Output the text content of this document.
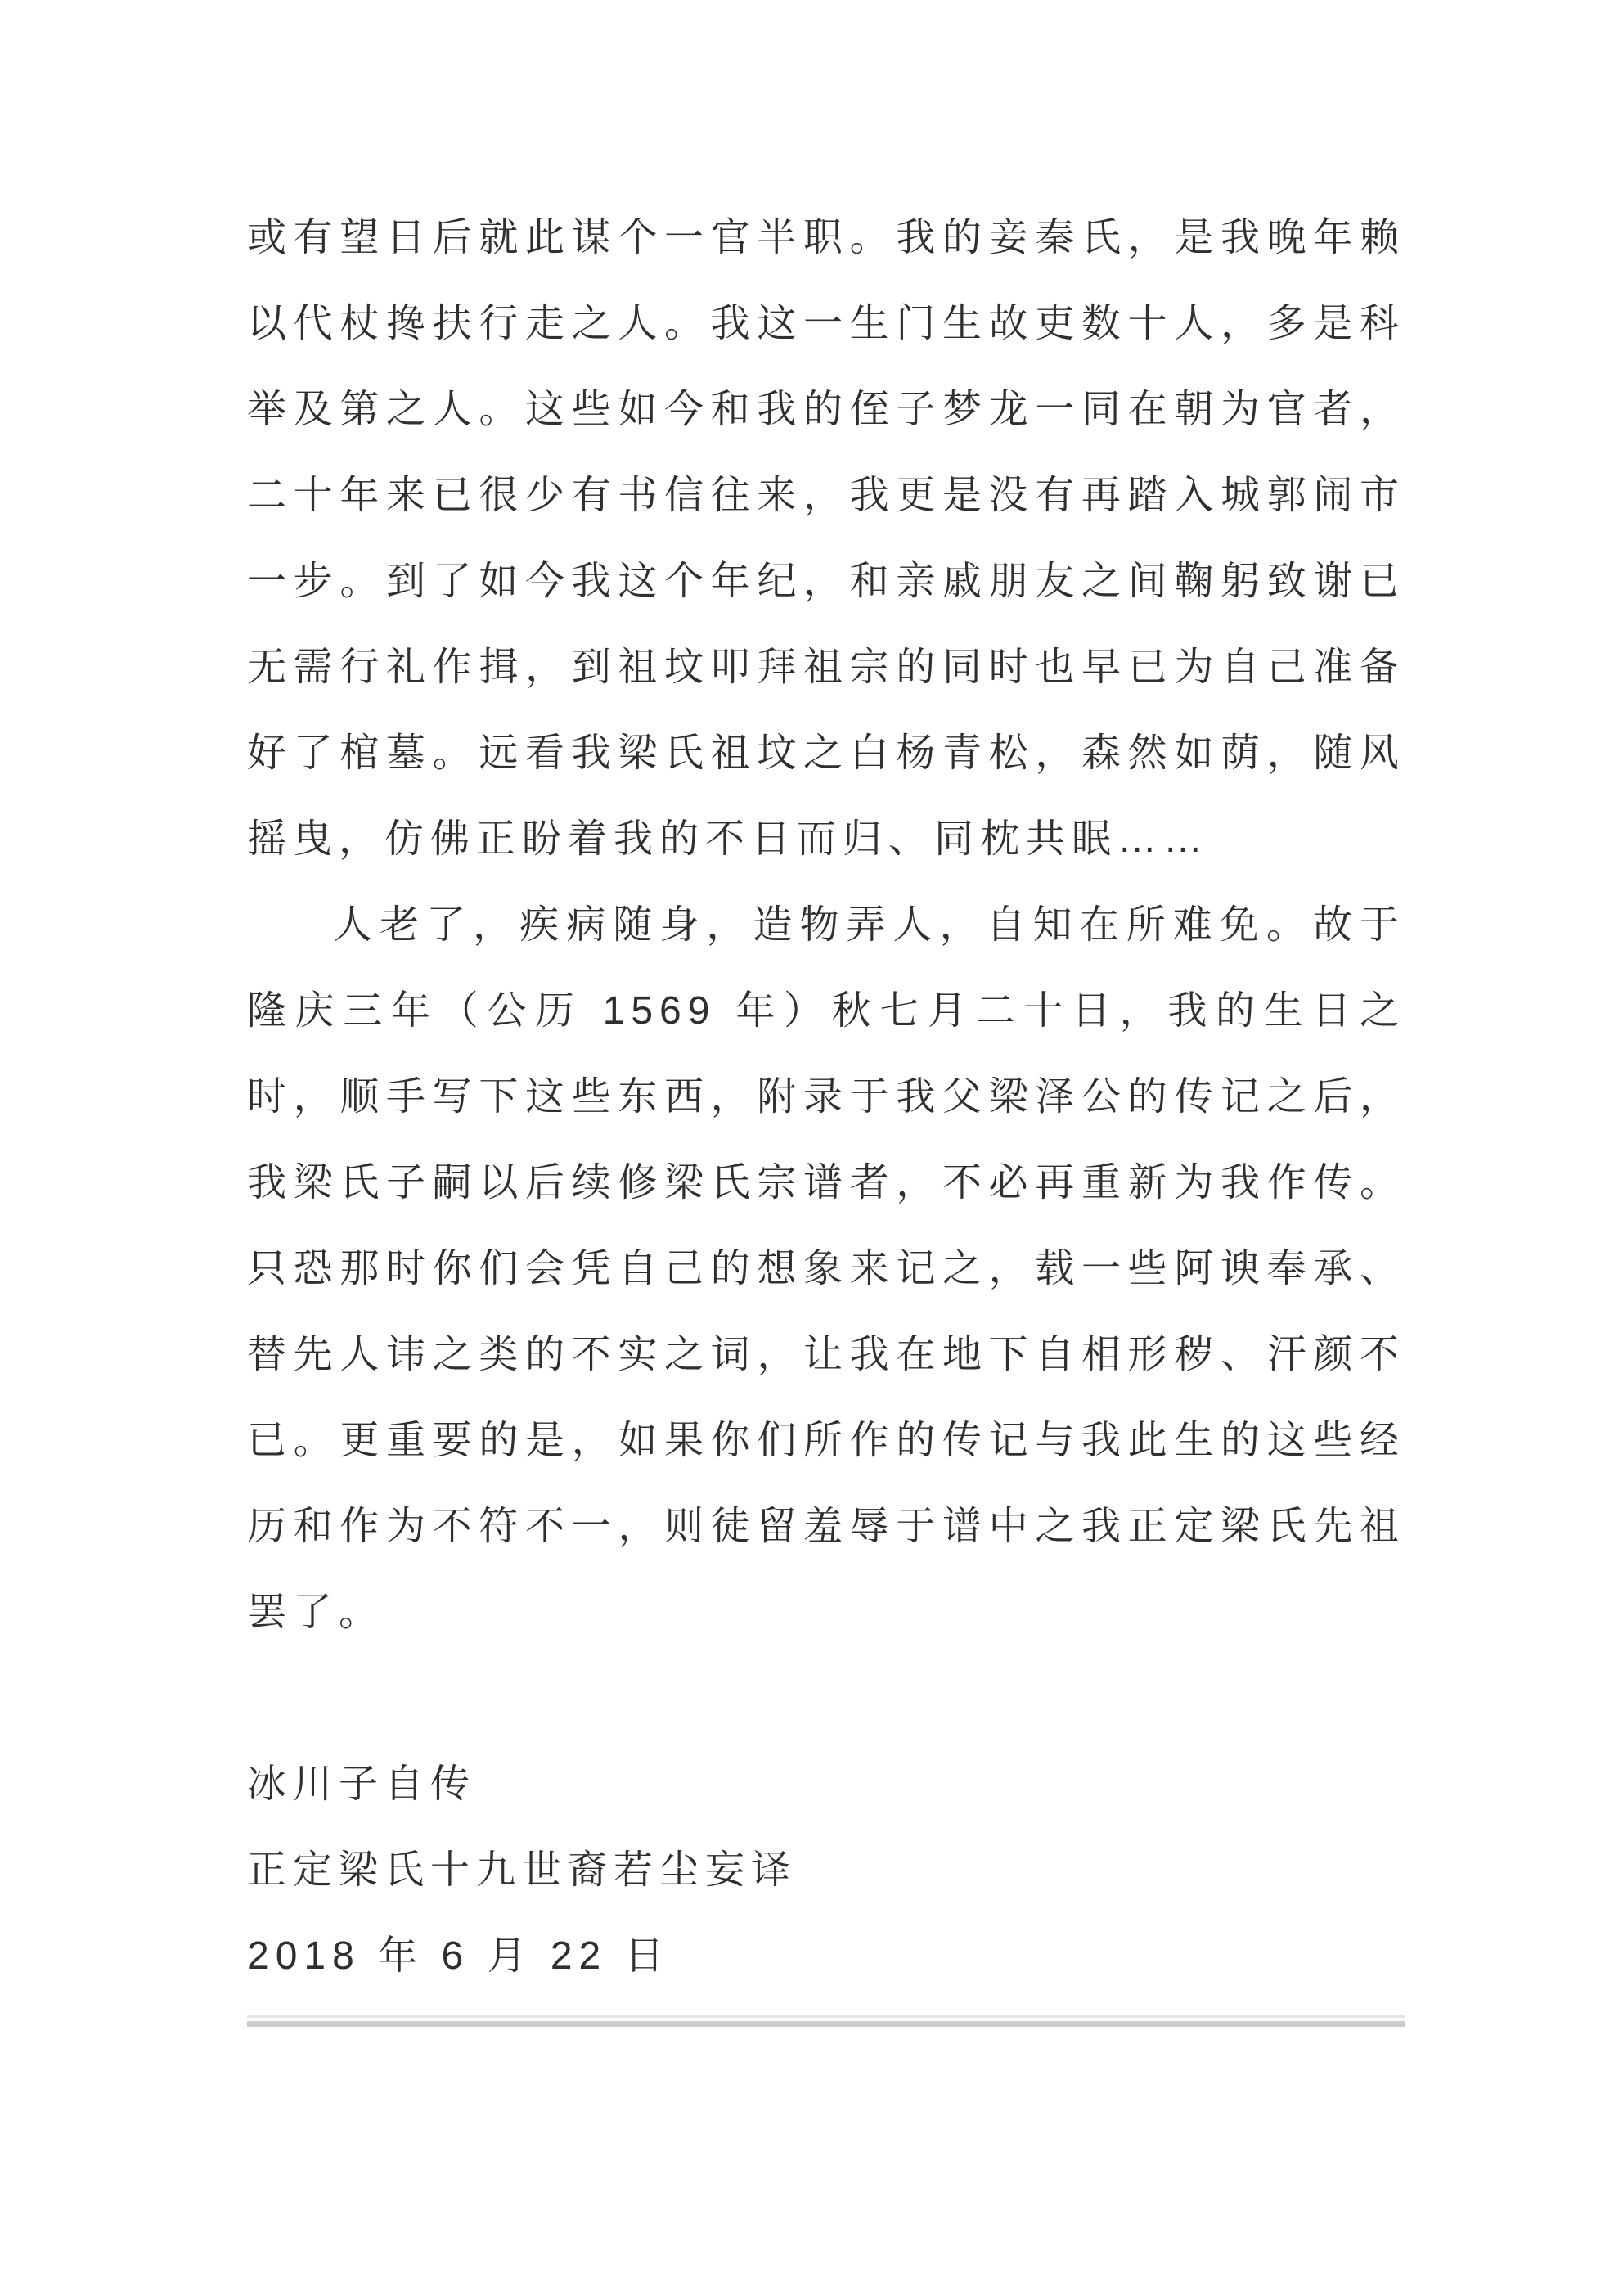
或有望日后就此谋个一官半职。我的妾秦氏，是我晚年赖以代杖搀扶行走之人。我这一生门生故吏数十人，多是科举及第之人。这些如今和我的侄子梦龙一同在朝为官者，二十年来已很少有书信往来，我更是没有再踏入城郭闹市一步。到了如今我这个年纪，和亲戚朋友之间鞠躬致谢已无需行礼作揖，到祖坟叩拜祖宗的同时也早已为自己准备好了棺墓。远看我梁氏祖坟之白杨青松，森然如荫，随风摇曳，仿佛正盼着我的不日而归、同枕共眠……

人老了，疾病随身，造物弄人，自知在所难免。故于隆庆三年（公历 1569 年）秋七月二十日，我的生日之时，顺手写下这些东西，附录于我父梁泽公的传记之后，我梁氏子嗣以后续修梁氏宗谱者，不必再重新为我作传。只恐那时你们会凭自己的想象来记之，载一些阿谀奉承、替先人讳之类的不实之词，让我在地下自相形秽、汗颜不已。更重要的是，如果你们所作的传记与我此生的这些经历和作为不符不一，则徒留羞辱于谱中之我正定梁氏先祖罢了。

冰川子自传

正定梁氏十九世裔若尘妄译

2018 年 6 月 22 日
